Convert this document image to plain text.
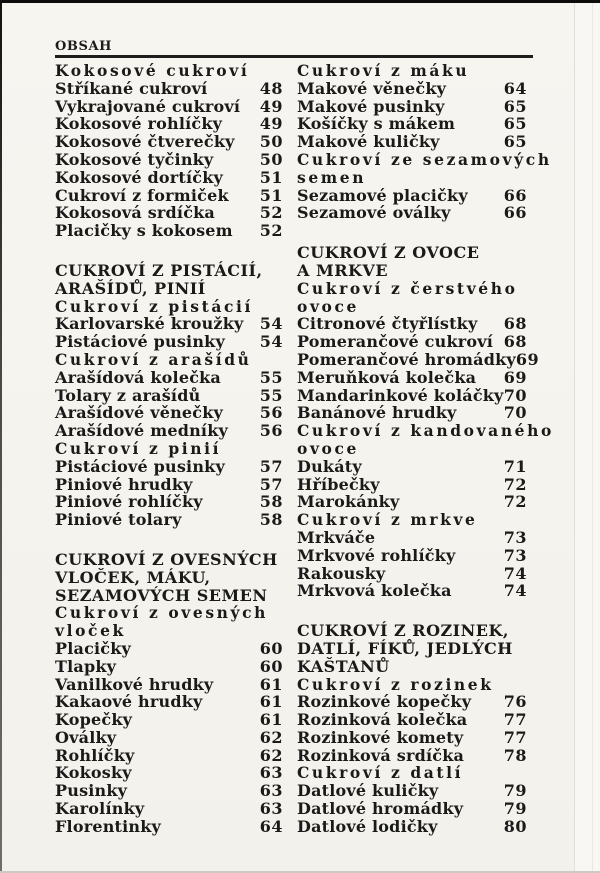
OBSAH
Kokosové cukroví
Stříkané cukroví	48
Vykrajované cukroví 49
Kokosové rohlíčky 49
Kokosové čtverečky 50
Kokosové tyčinky	50
Kokosové dortíčky 51
Cukroví z formiček 51
Kokosová srdíčka	52
Placičky s kokosem 52
CUKROVÍ Z PISTÁCIÍ,
ARAŠÍDŮ, PINIÍ
Cukroví z pistácií
Karlovarské kroužky 54
Pistáciové pusinky 54
Cukroví z arašídů
Arašídová kolečka 55
Tolary z arašídů	55
Arašídové věnečky 56
Arašídové medníky 56
Cukroví z pinií
Pistáciové pusinky 57
Piniové hrudky	57
Piniové rohlíčky	58
Piniové tolary	58
CUKROVÍ Z OVESNÝCH
VLOČEK, MÁKU,
SEZAMOVÝCH SEMEN
Cukroví z ovesných
vloček
Placičky	60
Tlapky	60
Vanilkové hrudky	61
Kakaové hrudky	61
Kopečky	61
Oválky	62
Rohlíčky	62
Kokosky	63
Pusinky	63
Karolínky	63
Florentinky	64
Cukroví z máku
Makové věnečky	64
Makové pusinky	65
Košíčky s mákem	65
Makové kuličky	65
Cukroví ze sezamových
semen
Sezamové placičky 66
Sezamové oválky	66
CUKROVÍ Z OVOCE
A MRKVE
Cukroví z čerstvého
ovoce
Citronové čtyřlístky 68
Pomerančové cukroví 68
Pomerančové hromádky 69
Meruňková kolečka 69
Mandarinkové koláčky 70
Banánové hrudky	70
Cukroví z kandovaného
ovoce
Dukáty	71
Hříbečky	72
Marokánky	72
Cukroví z mrkve
Mrkváče	73
Mrkvové rohlíčky	73
Rakousky	74
Mrkvová kolečka	74
CUKROVÍ Z ROZINEK,
DATLÍ, FÍKŮ, JEDLÝCH
KAŠTANŮ
Cukroví z rozinek
Rozinkové kopečky 76
Rozinková kolečka 77
Rozinkové komety	77
Rozinková srdíčka 78
Cukroví z datlí
Datlové kuličky	79
Datlové hromádky	79
Datlové lodičky	80
